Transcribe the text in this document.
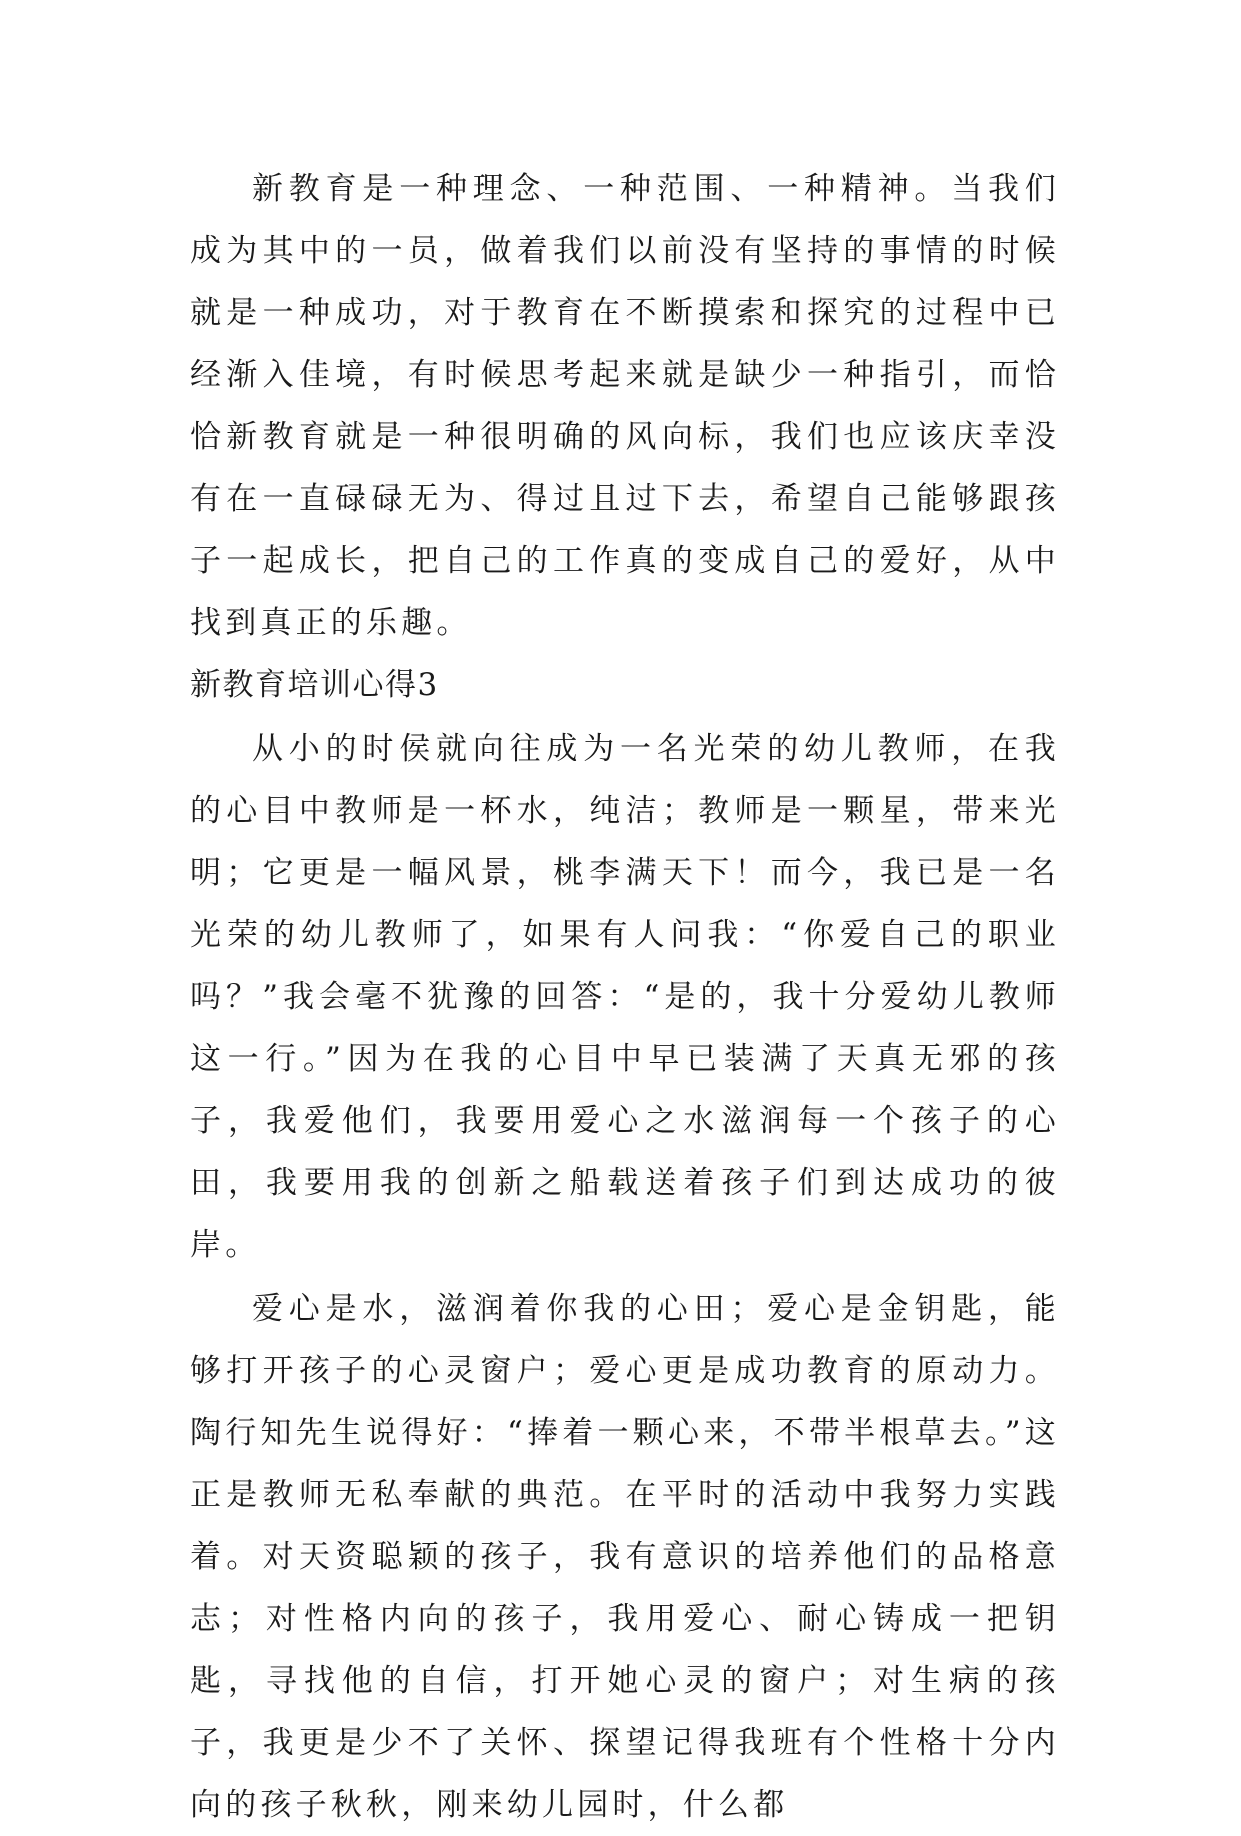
新教育是一种理念、一种范围、一种精神。当我们成为其中的一员，做着我们以前没有坚持的事情的时候就是一种成功，对于教育在不断摸索和探究的过程中已经渐入佳境，有时候思考起来就是缺少一种指引，而恰恰新教育就是一种很明确的风向标，我们也应该庆幸没有在一直碌碌无为、得过且过下去，希望自己能够跟孩子一起成长，把自己的工作真的变成自己的爱好，从中找到真正的乐趣。

新教育培训心得3

从小的时侯就向往成为一名光荣的幼儿教师，在我的心目中教师是一杯水，纯洁；教师是一颗星，带来光明；它更是一幅风景，桃李满天下！而今，我已是一名光荣的幼儿教师了，如果有人问我：“你爱自己的职业吗？”我会毫不犹豫的回答：“是的，我十分爱幼儿教师这一行。”因为在我的心目中早已装满了天真无邪的孩子，我爱他们，我要用爱心之水滋润每一个孩子的心田，我要用我的创新之船载送着孩子们到达成功的彼岸。

爱心是水，滋润着你我的心田；爱心是金钥匙，能够打开孩子的心灵窗户；爱心更是成功教育的原动力。陶行知先生说得好：“捧着一颗心来，不带半根草去。”这正是教师无私奉献的典范。在平时的活动中我努力实践着。对天资聪颖的孩子，我有意识的培养他们的品格意志；对性格内向的孩子，我用爱心、耐心铸成一把钥匙，寻找他的自信，打开她心灵的窗户；对生病的孩子，我更是少不了关怀、探望记得我班有个性格十分内向的孩子秋秋，刚来幼儿园时，什么都
